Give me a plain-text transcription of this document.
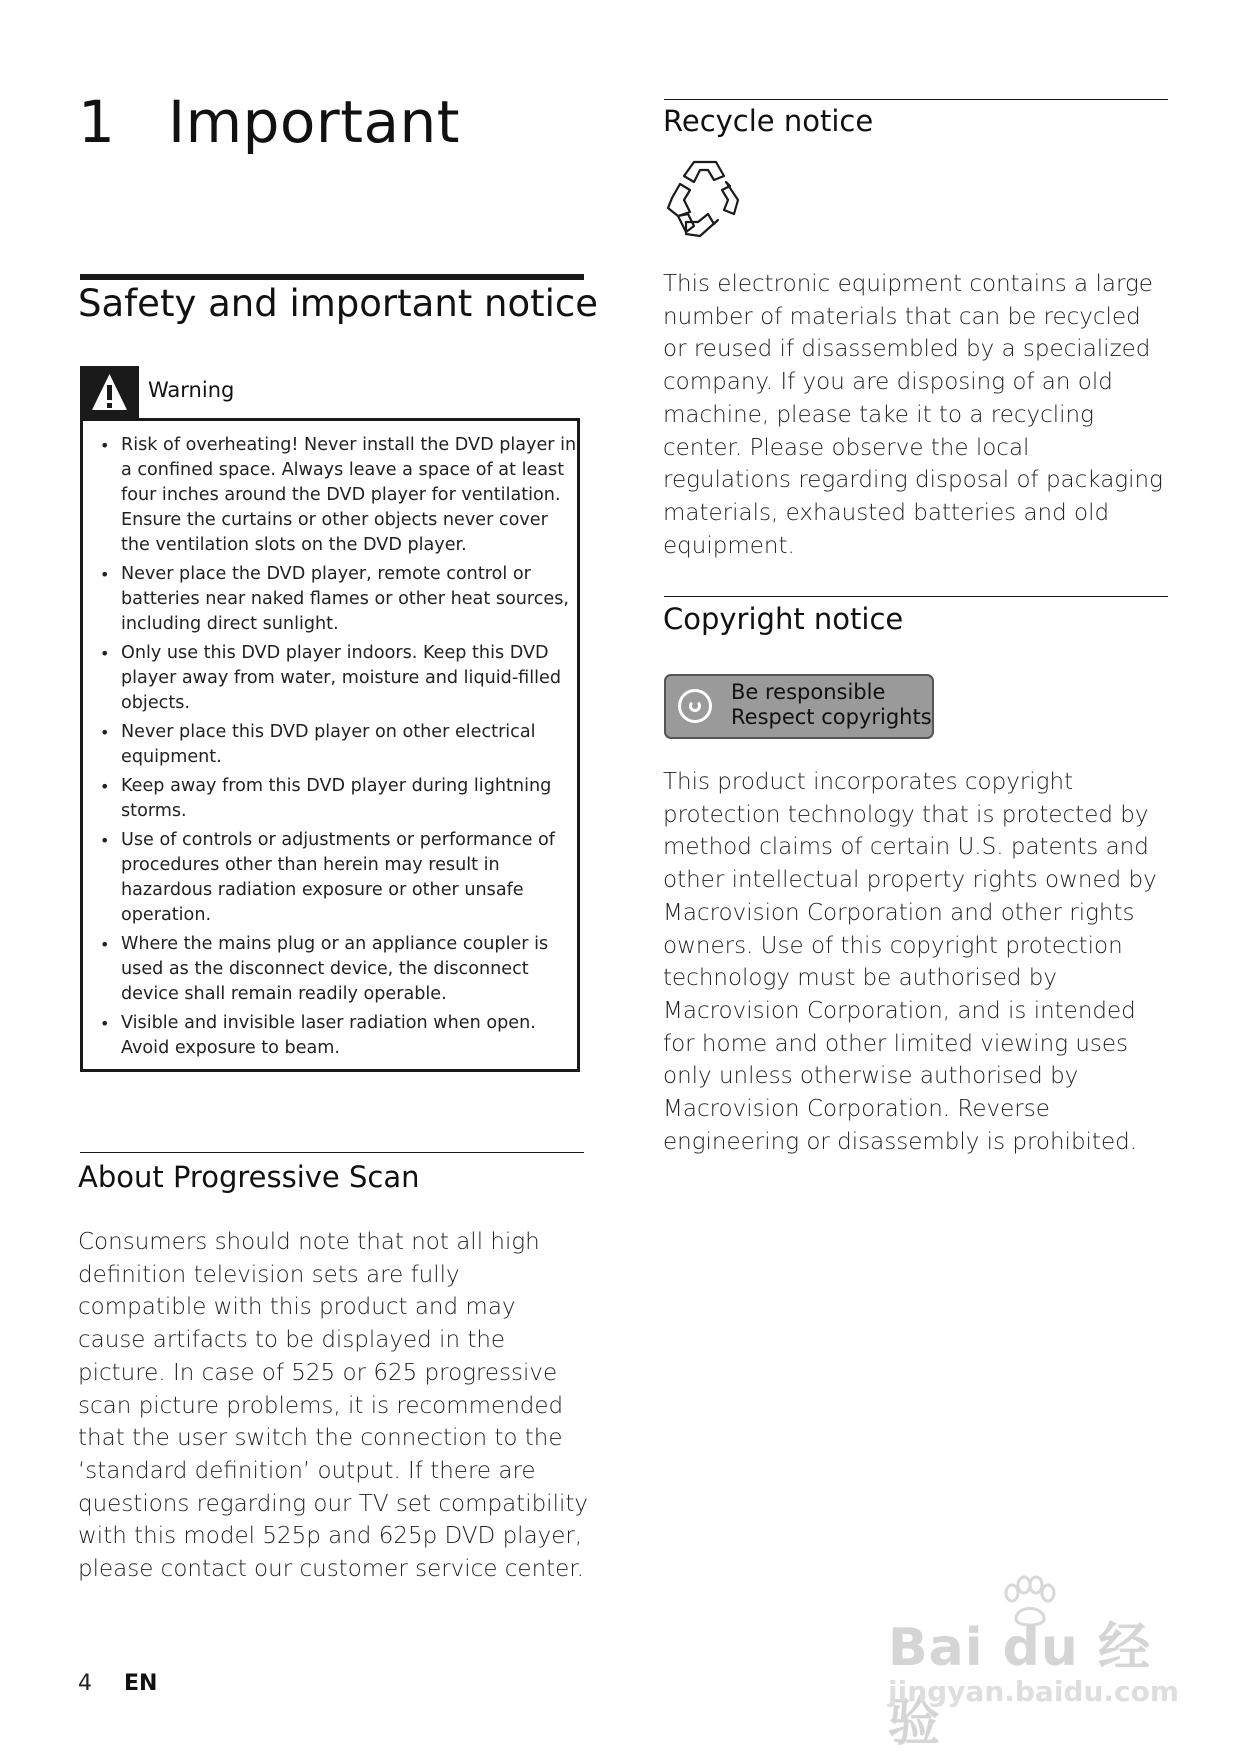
1 Important
Safety and important notice
Warning
• Risk of overheating! Never install the DVD player in a confined space. Always leave a space of at least four inches around the DVD player for ventilation. Ensure the curtains or other objects never cover the ventilation slots on the DVD player.
• Never place the DVD player, remote control or batteries near naked flames or other heat sources, including direct sunlight.
• Only use this DVD player indoors. Keep this DVD player away from water, moisture and liquid-filled objects.
• Never place this DVD player on other electrical equipment.
• Keep away from this DVD player during lightning storms.
• Use of controls or adjustments or performance of procedures other than herein may result in hazardous radiation exposure or other unsafe operation.
• Where the mains plug or an appliance coupler is used as the disconnect device, the disconnect device shall remain readily operable.
• Visible and invisible laser radiation when open. Avoid exposure to beam.
About Progressive Scan

Consumers should note that not all high definition television sets are fully compatible with this product and may cause artifacts to be displayed in the picture. In case of 525 or 625 progressive scan picture problems, it is recommended that the user switch the connection to the ‘standard definition’ output. If there are questions regarding our TV set compatibility with this model 525p and 625p DVD player, please contact our customer service center.

Recycle notice

This electronic equipment contains a large number of materials that can be recycled or reused if disassembled by a specialized company. If you are disposing of an old machine, please take it to a recycling center. Please observe the local regulations regarding disposal of packaging materials, exhausted batteries and old equipment.

Copyright notice
Be responsible
Respect copyrights

This product incorporates copyright protection technology that is protected by method claims of certain U.S. patents and other intellectual property rights owned by Macrovision Corporation and other rights owners. Use of this copyright protection technology must be authorised by Macrovision Corporation, and is intended for home and other limited viewing uses only unless otherwise authorised by Macrovision Corporation. Reverse engineering or disassembly is prohibited.

4 EN
Bai du 经验
jingyan.baidu.com
